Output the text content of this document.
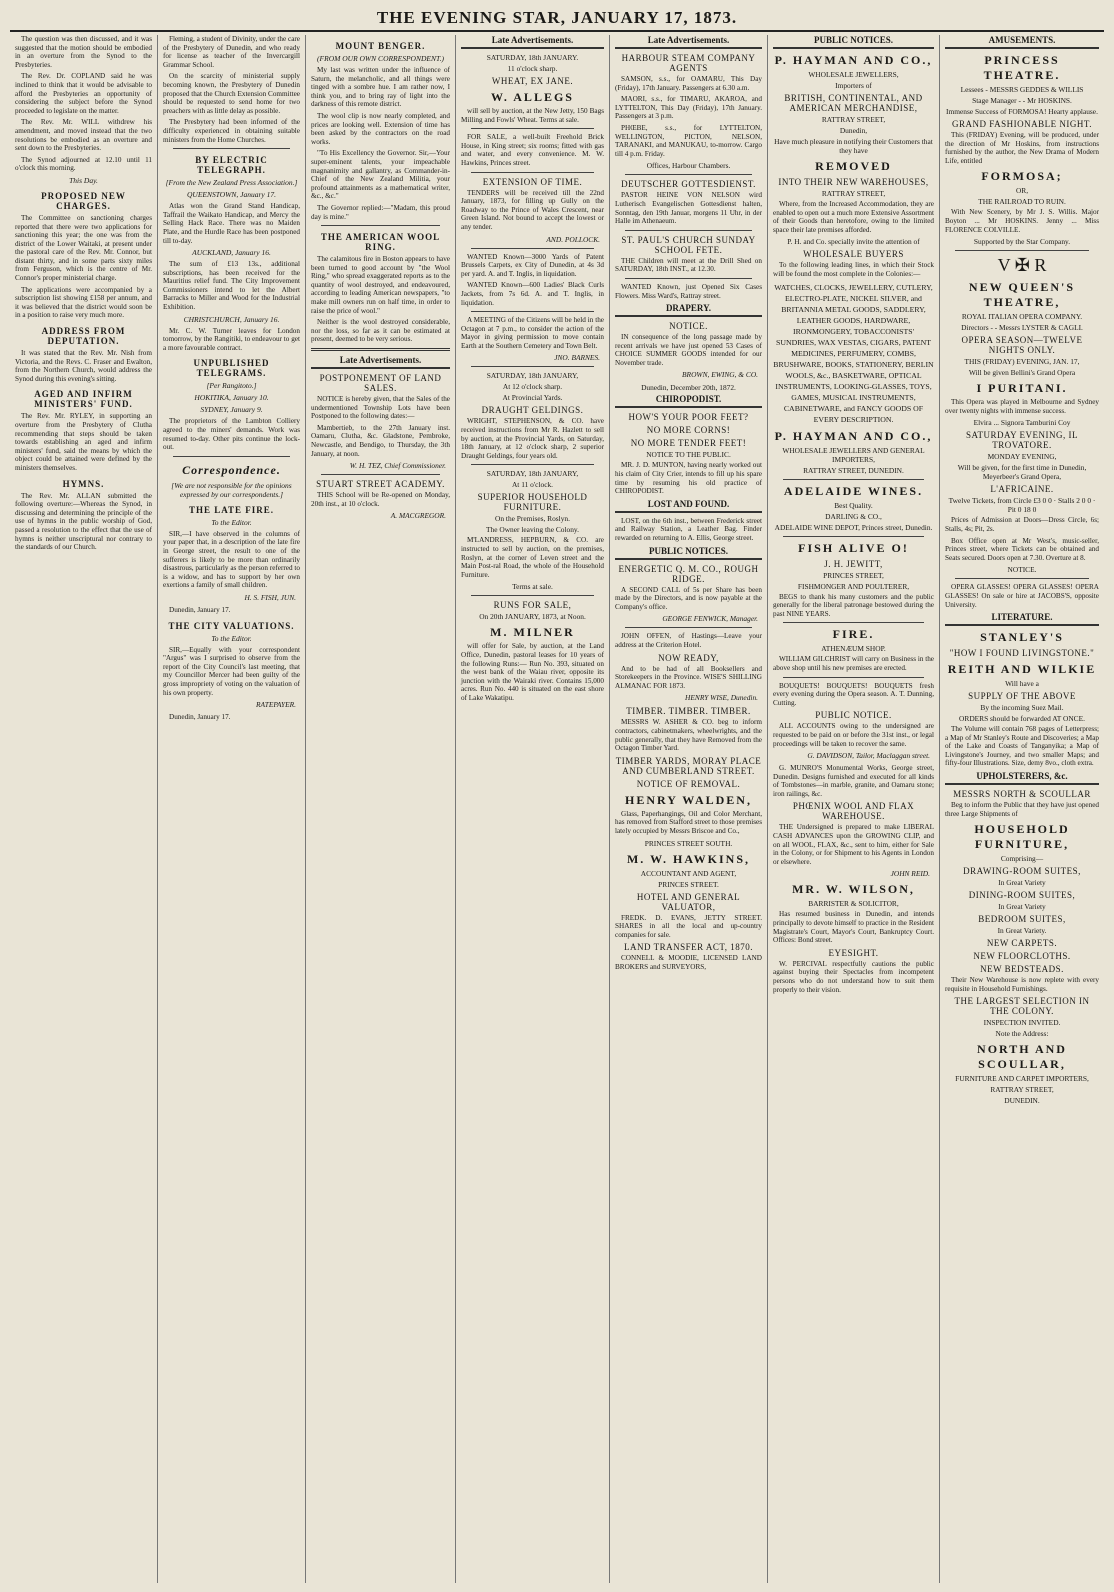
THE EVENING STAR, JANUARY 17, 1873.

The question was then discussed, and it was suggested that the motion should be embodied in an overture from the Synod to the Presbyteries.

The Rev. Dr. COPLAND said he was inclined to think that it would be advisable to afford the Presbyteries an opportunity of considering the subject before the Synod proceeded to legislate on the matter.

The Rev. Mr. WILL withdrew his amendment, and moved instead that the two resolutions be embodied as an overture and sent down to the Presbyteries.

The Synod adjourned at 12.10 until 11 o'clock this morning.

This Day.
PROPOSED NEW CHARGES.

The Committee on sanctioning charges reported that there were two applications for sanctioning this year; the one was from the district of the Lower Waitaki, at present under the pastoral care of the Rev. Mr. Connor, but distant thirty, and in some parts sixty miles from Ferguson, which is the centre of Mr. Connor's proper ministerial charge.

The applications were accompanied by a subscription list showing £158 per annum, and it was believed that the district would soon be in a position to raise very much more.

ADDRESS FROM DEPUTATION.

It was stated that the Rev. Mr. Nish from Victoria, and the Revs. C. Fraser and Ewalton, from the Northern Church, would address the Synod during this evening's sitting.

AGED AND INFIRM MINISTERS' FUND.

The Rev. Mr. RYLEY, in supporting an overture from the Presbytery of Clutha recommending that steps should be taken towards establishing an aged and infirm ministers' fund, said the means by which the object could be attained were defined by the ministers themselves.

HYMNS.

The Rev. Mr. ALLAN submitted the following overture:—Whereas the Synod, in discussing and determining the principle of the use of hymns in the public worship of God, passed a resolution to the effect that the use of hymns is neither unscriptural nor contrary to the standards of our Church.

Fleming, a student of Divinity, under the care of the Presbytery of Dunedin, and who ready for license as teacher of the Invercargill Grammar School.

On the scarcity of ministerial supply becoming known, the Presbytery of Dunedin proposed that the Church Extension Committee should be requested to send home for two preachers with as little delay as possible.

The Presbytery had been informed of the difficulty experienced in obtaining suitable ministers from the Home Churches.

BY ELECTRIC TELEGRAPH.
[From the New Zealand Press Association.]
QUEENSTOWN, January 17.

Atlas won the Grand Stand Handicap, Taffrail the Waikato Handicap, and Mercy the Selling Hack Race. There was no Maiden Plate, and the Hurdle Race has been postponed till to-day.

AUCKLAND, January 16.

The sum of £13 13s., additional subscriptions, has been received for the Mauritius relief fund. The City Improvement Commissioners intend to let the Albert Barracks to Miller and Wood for the Industrial Exhibition.

CHRISTCHURCH, January 16.

Mr. C. W. Turner leaves for London tomorrow, by the Rangitiki, to endeavour to get a more favourable contract.

UNPUBLISHED TELEGRAMS.
[Per Rangitoto.]
HOKITIKA, January 10.
SYDNEY, January 9.

The proprietors of the Lambton Colliery agreed to the miners' demands. Work was resumed to-day. Other pits continue the lock-out.

Correspondence.
[We are not responsible for the opinions expressed by our correspondents.]
THE LATE FIRE.
To the Editor.

SIR,—I have observed in the columns of your paper that, in a description of the late fire in George street, the result to one of the sufferers is likely to be more than ordinarily disastrous, particularly as the person referred to is a widow, and has to support by her own exertions a family of small children.

H. S. FISH, JUN.
Dunedin, January 17.
THE CITY VALUATIONS.
To the Editor.

SIR,—Equally with your correspondent "Argus" was I surprised to observe from the report of the City Council's last meeting, that my Councillor Mercer had been guilty of the gross impropriety of voting on the valuation of his own property.

RATEPAYER.
Dunedin, January 17.
MOUNT BENGER.
(FROM OUR OWN CORRESPONDENT.)

My last was written under the influence of Saturn, the melancholic, and all things were tinged with a sombre hue. I am rather now, I think you, and to bring ray of light into the darkness of this remote district.

The wool clip is now nearly completed, and prices are looking well. Extension of time has been asked by the contractors on the road works.

"To His Excellency the Governor. Sir,—Your super-eminent talents, your impeachable magnanimity and gallantry, as Commander-in-Chief of the New Zealand Militia, your profound attainments as a mathematical writer, &c., &c."

The Governor replied:—"Madam, this proud day is mine."

THE AMERICAN WOOL RING.

The calamitous fire in Boston appears to have been turned to good account by "the Wool Ring," who spread exaggerated reports as to the quantity of wool destroyed, and endeavoured, according to leading American newspapers, "to make mill owners run on half time, in order to raise the price of wool."

Neither is the wool destroyed considerable, nor the loss, so far as it can be estimated at present, deemed to be very serious.

Late Advertisements.
POSTPONEMENT OF LAND SALES.

NOTICE is hereby given, that the Sales of the undermentioned Township Lots have been Postponed to the following dates:—

Mambertieb, to the 27th January inst. Oamaru, Clutha, &c. Gladstone, Pembroke, Newcastle, and Bendigo, to Thursday, the 3th January, at noon.

W. H. TEZ, Chief Commissioner.
STUART STREET ACADEMY.

THIS School will be Re-opened on Monday, 20th inst., at 10 o'clock.

A. MACGREGOR.
Late Advertisements.
SATURDAY, 18th JANUARY.
11 o'clock sharp.
WHEAT, EX JANE.
W. ALLEGS

will sell by auction, at the New Jetty, 150 Bags Milling and Fowls' Wheat. Terms at sale.

FOR SALE, a well-built Freehold Brick House, in King street; six rooms; fitted with gas and water, and every convenience. M. W. Hawkins, Princes street.

EXTENSION OF TIME.

TENDERS will be received till the 22nd January, 1873, for filling up Gully on the Roadway to the Prince of Wales Crescent, near Green Island. Not bound to accept the lowest or any tender.

AND. POLLOCK.

WANTED Known—3000 Yards of Patent Brussels Carpets, ex City of Dunedin, at 4s 3d per yard. A. and T. Inglis, in liquidation.

WANTED Known—600 Ladies' Black Curls Jackets, from 7s 6d. A. and T. Inglis, in liquidation.

A MEETING of the Citizens will be held in the Octagon at 7 p.m., to consider the action of the Mayor in giving permission to move contain Earth at the Southern Cemetery and Town Belt.

JNO. BARNES.
SATURDAY, 18th JANUARY,
At 12 o'clock sharp.
At Provincial Yards.
DRAUGHT GELDINGS.

WRIGHT, STEPHENSON, & CO. have received instructions from Mr R. Hazlett to sell by auction, at the Provincial Yards, on Saturday, 18th January, at 12 o'clock sharp, 2 superior Draught Geldings, four years old.

SATURDAY, 18th JANUARY,
At 11 o'clock.
SUPERIOR HOUSEHOLD FURNITURE.
On the Premises, Roslyn.
The Owner leaving the Colony.

M'LANDRESS, HEPBURN, & CO. are instructed to sell by auction, on the premises, Roslyn, at the corner of Leven street and the Main Post-ral Road, the whole of the Household Furniture.

Terms at sale.
RUNS FOR SALE,
On 20th JANUARY, 1873, at Noon.
M. MILNER

will offer for Sale, by auction, at the Land Office, Dunedin, pastoral leases for 10 years of the following Runs:— Run No. 393, situated on the west bank of the Waiau river, opposite its junction with the Wairaki river. Contains 15,000 acres. Run No. 440 is situated on the east shore of Lake Wakatipu.

Late Advertisements.
HARBOUR STEAM COMPANY AGENTS

SAMSON, s.s., for OAMARU, This Day (Friday), 17th January. Passengers at 6.30 a.m.

MAORI, s.s., for TIMARU, AKAROA, and LYTTELTON, This Day (Friday), 17th January. Passengers at 3 p.m.

PHŒBE, s.s., for LYTTELTON, WELLINGTON, PICTON, NELSON, TARANAKI, and MANUKAU, to-morrow. Cargo till 4 p.m. Friday.

Offices, Harbour Chambers.
DEUTSCHER GOTTESDIENST.

PASTOR HEINE VON NELSON wird Lutherisch Evangelischen Gottesdienst halten, Sonntag, den 19th Januar, morgens 11 Uhr, in der Halle im Athenaeum.

ST. PAUL'S CHURCH SUNDAY SCHOOL FETE.

THE Children will meet at the Drill Shed on SATURDAY, 18th INST., at 12.30.

WANTED Known, just Opened Six Cases Flowers. Miss Ward's, Rattray street.

DRAPERY.
NOTICE.

IN consequence of the long passage made by recent arrivals we have just opened 53 Cases of CHOICE SUMMER GOODS intended for our November trade.

BROWN, EWING, & CO.
Dunedin, December 20th, 1872.
CHIROPODIST.
HOW'S YOUR POOR FEET?
NO MORE CORNS!
NO MORE TENDER FEET!
NOTICE TO THE PUBLIC.

MR. J. D. MUNTON, having nearly worked out his claim of City Crier, intends to fill up his spare time by resuming his old practice of CHIROPODIST.

LOST AND FOUND.

LOST, on the 6th inst., between Frederick street and Railway Station, a Leather Bag. Finder rewarded on returning to A. Ellis, George street.

PUBLIC NOTICES.
ENERGETIC Q. M. CO., ROUGH RIDGE.

A SECOND CALL of 5s per Share has been made by the Directors, and is now payable at the Company's office.

GEORGE FENWICK, Manager.

JOHN OFFEN, of Hastings—Leave your address at the Criterion Hotel.

NOW READY,

And to be had of all Booksellers and Storekeepers in the Province. WISE'S SHILLING ALMANAC FOR 1873.

HENRY WISE, Dunedin.
TIMBER. TIMBER. TIMBER.

MESSRS W. ASHER & CO. beg to inform contractors, cabinetmakers, wheelwrights, and the public generally, that they have Removed from the Octagon Timber Yard.

TIMBER YARDS, MORAY PLACE AND CUMBERLAND STREET.
NOTICE OF REMOVAL.
HENRY WALDEN,

Glass, Paperhangings, Oil and Color Merchant, has removed from Stafford street to those premises lately occupied by Messrs Briscoe and Co.,

PRINCES STREET SOUTH.
M. W. HAWKINS,
ACCOUNTANT AND AGENT,
PRINCES STREET.
HOTEL AND GENERAL VALUATOR,

FREDK. D. EVANS, JETTY STREET. SHARES in all the local and up-country companies for sale.

LAND TRANSFER ACT, 1870.

CONNELL & MOODIE, LICENSED LAND BROKERS and SURVEYORS,

PUBLIC NOTICES.
P. HAYMAN AND CO.,
WHOLESALE JEWELLERS,
Importers of
BRITISH, CONTINENTAL, AND AMERICAN MERCHANDISE,
RATTRAY STREET,
Dunedin,
Have much pleasure in notifying their Customers that they have
REMOVED
INTO THEIR NEW WAREHOUSES,
RATTRAY STREET,

Where, from the Increased Accommodation, they are enabled to open out a much more Extensive Assortment of their Goods than heretofore, owing to the limited space their late premises afforded.

P. H. and Co. specially invite the attention of
WHOLESALE BUYERS

To the following leading lines, in which their Stock will be found the most complete in the Colonies:—

WATCHES, CLOCKS, JEWELLERY, CUTLERY, ELECTRO-PLATE, NICKEL SILVER, and BRITANNIA METAL GOODS, SADDLERY, LEATHER GOODS, HARDWARE, IRONMONGERY, TOBACCONISTS' SUNDRIES, WAX VESTAS, CIGARS, PATENT MEDICINES, PERFUMERY, COMBS, BRUSHWARE, BOOKS, STATIONERY, BERLIN WOOLS, &c., BASKETWARE, OPTICAL INSTRUMENTS, LOOKING-GLASSES, TOYS, GAMES, MUSICAL INSTRUMENTS, CABINETWARE, and FANCY GOODS OF EVERY DESCRIPTION.
P. HAYMAN AND CO.,
WHOLESALE JEWELLERS AND GENERAL IMPORTERS,
RATTRAY STREET, DUNEDIN.
ADELAIDE WINES.
Best Quality.
DARLING & CO.,
ADELAIDE WINE DEPOT, Princes street, Dunedin.
FISH ALIVE O!
J. H. JEWITT,
PRINCES STREET,
FISHMONGER AND POULTERER,

BEGS to thank his many customers and the public generally for the liberal patronage bestowed during the past NINE YEARS.

FIRE.
ATHENÆUM SHOP.

WILLIAM GILCHRIST will carry on Business in the above shop until his new premises are erected.

BOUQUETS! BOUQUETS! BOUQUETS fresh every evening during the Opera season. A. T. Dunning, Cutting.

PUBLIC NOTICE.

ALL ACCOUNTS owing to the undersigned are requested to be paid on or before the 31st inst., or legal proceedings will be taken to recover the same.

G. DAVIDSON, Tailor, Maclaggan street.

G. MUNRO'S Monumental Works, George street, Dunedin. Designs furnished and executed for all kinds of Tombstones—in marble, granite, and Oamaru stone; iron railings, &c.

PHŒNIX WOOL AND FLAX WAREHOUSE.

THE Undersigned is prepared to make LIBERAL CASH ADVANCES upon the GROWING CLIP, and on all WOOL, FLAX, &c., sent to him, either for Sale in the Colony, or for Shipment to his Agents in London or elsewhere.

JOHN REID.
MR. W. WILSON,
BARRISTER & SOLICITOR,

Has resumed business in Dunedin, and intends principally to devote himself to practice in the Resident Magistrate's Court, Mayor's Court, Bankruptcy Court. Offices: Bond street.

EYESIGHT.

W. PERCIVAL respectfully cautions the public against buying their Spectacles from incompetent persons who do not understand how to suit them properly to their vision.

AMUSEMENTS.
PRINCESS THEATRE.
Lessees - MESSRS GEDDES & WILLIS
Stage Manager - - Mr HOSKINS.
Immense Success of FORMOSA! Hearty applause.
GRAND FASHIONABLE NIGHT.

This (FRIDAY) Evening, will be produced, under the direction of Mr Hoskins, from instructions furnished by the author, the New Drama of Modern Life, entitled

FORMOSA;
OR,
THE RAILROAD TO RUIN.

With New Scenery, by Mr J. S. Willis. Major Boyton ... Mr HOSKINS. Jenny ... Miss FLORENCE COLVILLE.

Supported by the Star Company.
V ✠ R
NEW QUEEN'S THEATRE,
ROYAL ITALIAN OPERA COMPANY.
Directors - - Messrs LYSTER & CAGLI.
OPERA SEASON—TWELVE NIGHTS ONLY.
THIS (FRIDAY) EVENING, JAN. 17,
Will be given Bellini's Grand Opera
I PURITANI.

This Opera was played in Melbourne and Sydney over twenty nights with immense success.

Elvira ... Signora Tamburini Coy
SATURDAY EVENING, IL TROVATORE.
MONDAY EVENING,
Will be given, for the first time in Dunedin, Meyerbeer's Grand Opera,
L'AFRICAINE.
Twelve Tickets, from Circle £3 0 0 · Stalls 2 0 0 · Pit 0 18 0

Prices of Admission at Doors—Dress Circle, 6s; Stalls, 4s; Pit, 2s.

Box Office open at Mr West's, music-seller, Princes street, where Tickets can be obtained and Seats secured. Doors open at 7.30. Overture at 8.

NOTICE.

OPERA GLASSES! OPERA GLASSES! OPERA GLASSES! On sale or hire at JACOBS'S, opposite University.

LITERATURE.
STANLEY'S
"HOW I FOUND LIVINGSTONE."
REITH AND WILKIE
Will have a
SUPPLY OF THE ABOVE
By the incoming Suez Mail.
ORDERS should be forwarded AT ONCE.

The Volume will contain 768 pages of Letterpress; a Map of Mr Stanley's Route and Discoveries; a Map of the Lake and Coasts of Tanganyika; a Map of Livingstone's Journey, and two smaller Maps; and fifty-four Illustrations. Size, demy 8vo., cloth extra.

UPHOLSTERERS, &c.
MESSRS NORTH & SCOULLAR

Beg to inform the Public that they have just opened three Large Shipments of

HOUSEHOLD FURNITURE,
Comprising—
DRAWING-ROOM SUITES,
In Great Variety
DINING-ROOM SUITES,
In Great Variety
BEDROOM SUITES,
In Great Variety.
NEW CARPETS.
NEW FLOORCLOTHS.
NEW BEDSTEADS.

Their New Warehouse is now replete with every requisite in Household Furnishings.

THE LARGEST SELECTION IN THE COLONY.
INSPECTION INVITED.
Note the Address:
NORTH AND SCOULLAR,
FURNITURE AND CARPET IMPORTERS,
RATTRAY STREET,
DUNEDIN.
